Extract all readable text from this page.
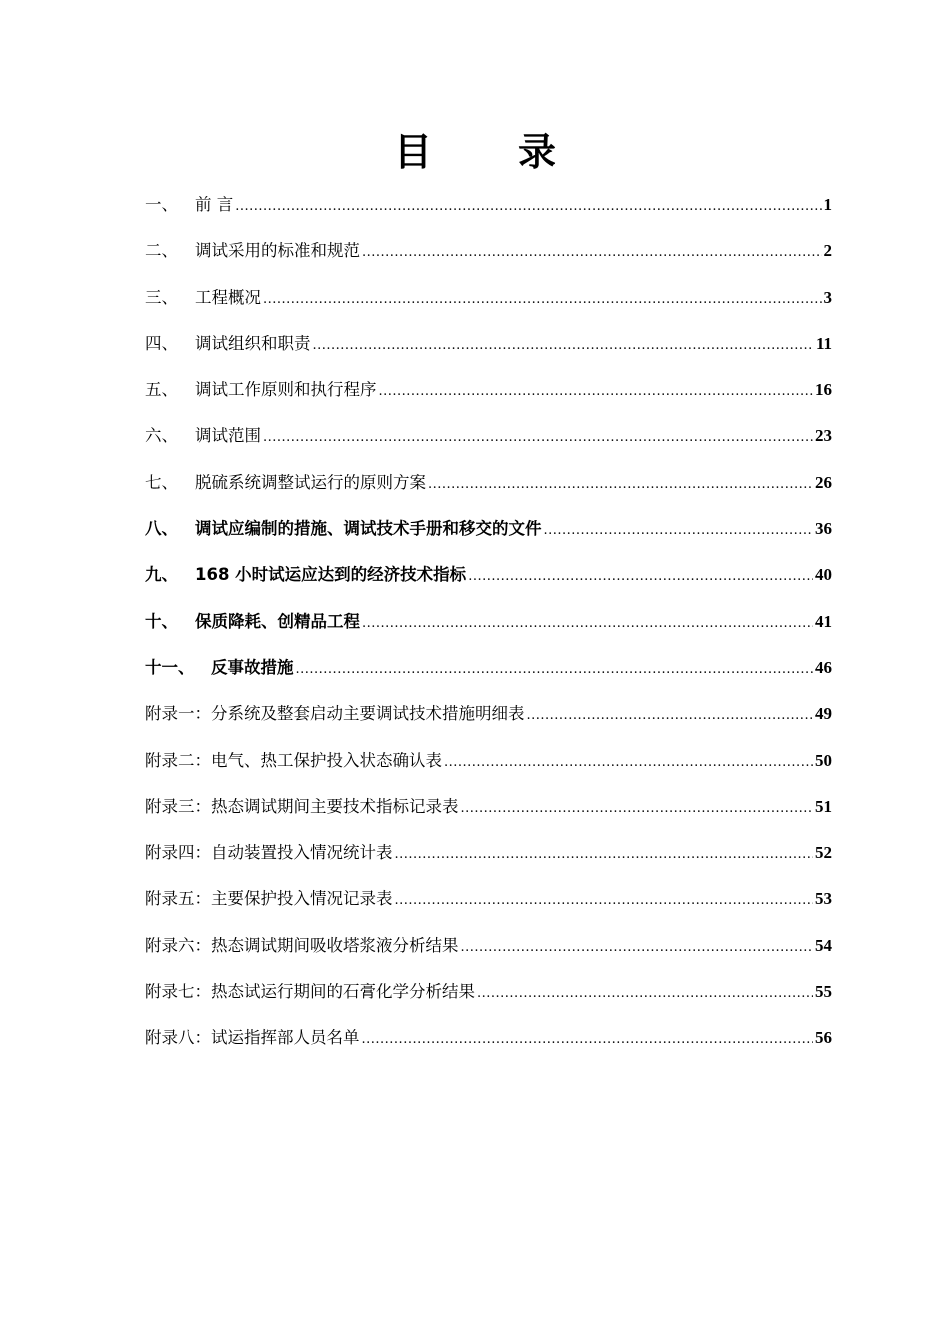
目 录
一、	前 言 .....	1
二、	调试采用的标准和规范 .....	2
三、	工程概况 .....	3
四、	调试组织和职责 .....	11
五、	调试工作原则和执行程序 .....	16
六、	调试范围 .....	23
七、	脱硫系统调整试运行的原则方案 .....	26
八、	调试应编制的措施、调试技术手册和移交的文件 .....	36
九、	168 小时试运应达到的经济技术指标 .....	40
十、	保质降耗、创精品工程 .....	41
十一、	反事故措施 .....	46
附录一：分系统及整套启动主要调试技术措施明细表 .....	49
附录二：电气、热工保护投入状态确认表 .....	50
附录三：热态调试期间主要技术指标记录表 .....	51
附录四：自动装置投入情况统计表 .....	52
附录五：主要保护投入情况记录表 .....	53
附录六：热态调试期间吸收塔浆液分析结果 .....	54
附录七：热态试运行期间的石膏化学分析结果 .....	55
附录八：试运指挥部人员名单 .....	56
